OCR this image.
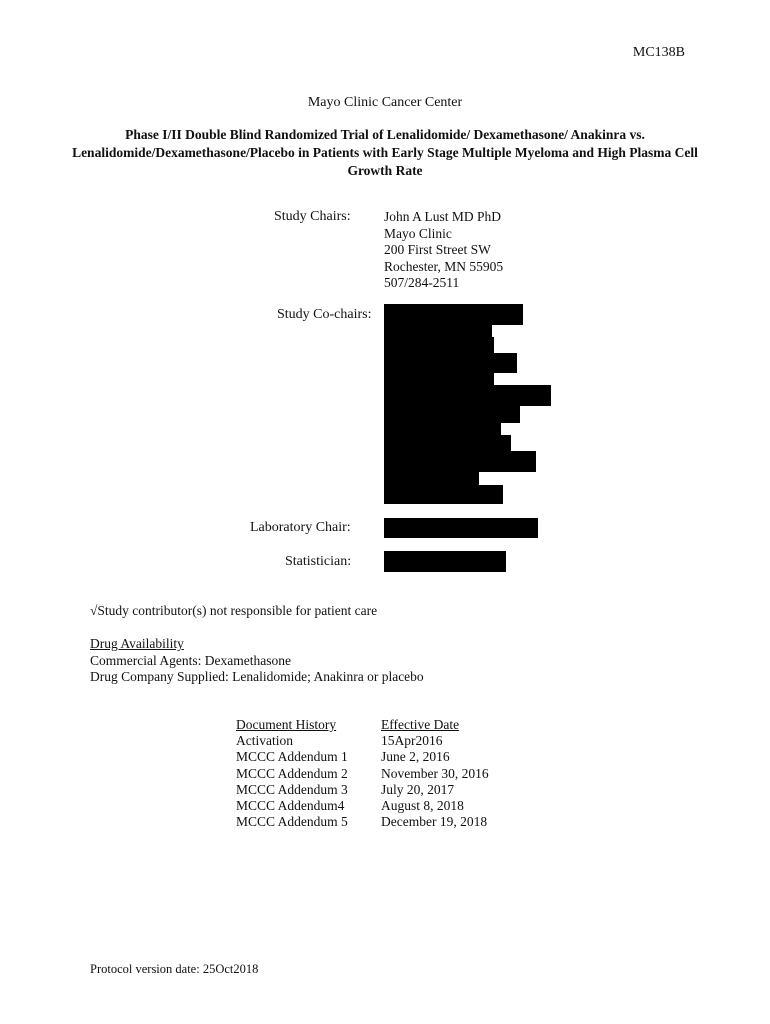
MC138B
Mayo Clinic Cancer Center
Phase I/II Double Blind Randomized Trial of Lenalidomide/ Dexamethasone/ Anakinra vs. Lenalidomide/Dexamethasone/Placebo in Patients with Early Stage Multiple Myeloma and High Plasma Cell Growth Rate
Study Chairs: John A Lust MD PhD
Mayo Clinic
200 First Street SW
Rochester, MN 55905
507/284-2511
Study Co-chairs:
Laboratory Chair:
Statistician:
√Study contributor(s) not responsible for patient care
Drug Availability
Commercial Agents: Dexamethasone
Drug Company Supplied: Lenalidomide; Anakinra or placebo
Document History	Effective Date
Activation	15Apr2016
MCCC Addendum 1	June 2, 2016
MCCC Addendum 2	November 30, 2016
MCCC Addendum 3	July 20, 2017
MCCC Addendum4	August 8, 2018
MCCC Addendum 5	December 19, 2018
Protocol version date: 25Oct2018
